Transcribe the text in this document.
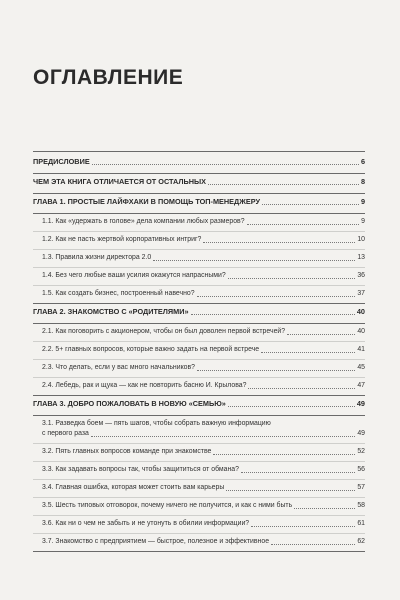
ОГЛАВЛЕНИЕ
ПРЕДИСЛОВИЕ	6
ЧЕМ ЭТА КНИГА ОТЛИЧАЕТСЯ ОТ ОСТАЛЬНЫХ	8
ГЛАВА 1. ПРОСТЫЕ ЛАЙФХАКИ В ПОМОЩЬ ТОП-МЕНЕДЖЕРУ	9
1.1. Как «удержать в голове» дела компании любых размеров?	9
1.2. Как не пасть жертвой корпоративных интриг?	10
1.3. Правила жизни директора 2.0	13
1.4. Без чего любые ваши усилия окажутся напрасными?	36
1.5. Как создать бизнес, построенный навечно?	37
ГЛАВА 2. ЗНАКОМСТВО С «РОДИТЕЛЯМИ»	40
2.1. Как поговорить с акционером, чтобы он был доволен первой встречей?	40
2.2. 5+ главных вопросов, которые важно задать на первой встрече	41
2.3. Что делать, если у вас много начальников?	45
2.4. Лебедь, рак и щука — как не повторить басню И. Крылова?	47
ГЛАВА 3. ДОБРО ПОЖАЛОВАТЬ В НОВУЮ «СЕМЬЮ»	49
3.1. Разведка боем — пять шагов, чтобы собрать важную информацию
с первого раза	49
3.2. Пять главных вопросов команде при знакомстве	52
3.3. Как задавать вопросы так, чтобы защититься от обмана?	56
3.4. Главная ошибка, которая может стоить вам карьеры	57
3.5. Шесть типовых отговорок, почему ничего не получится, и как с ними быть	58
3.6. Как ни о чем не забыть и не утонуть в обилии информации?	61
3.7. Знакомство с предприятием — быстрое, полезное и эффективное	62
